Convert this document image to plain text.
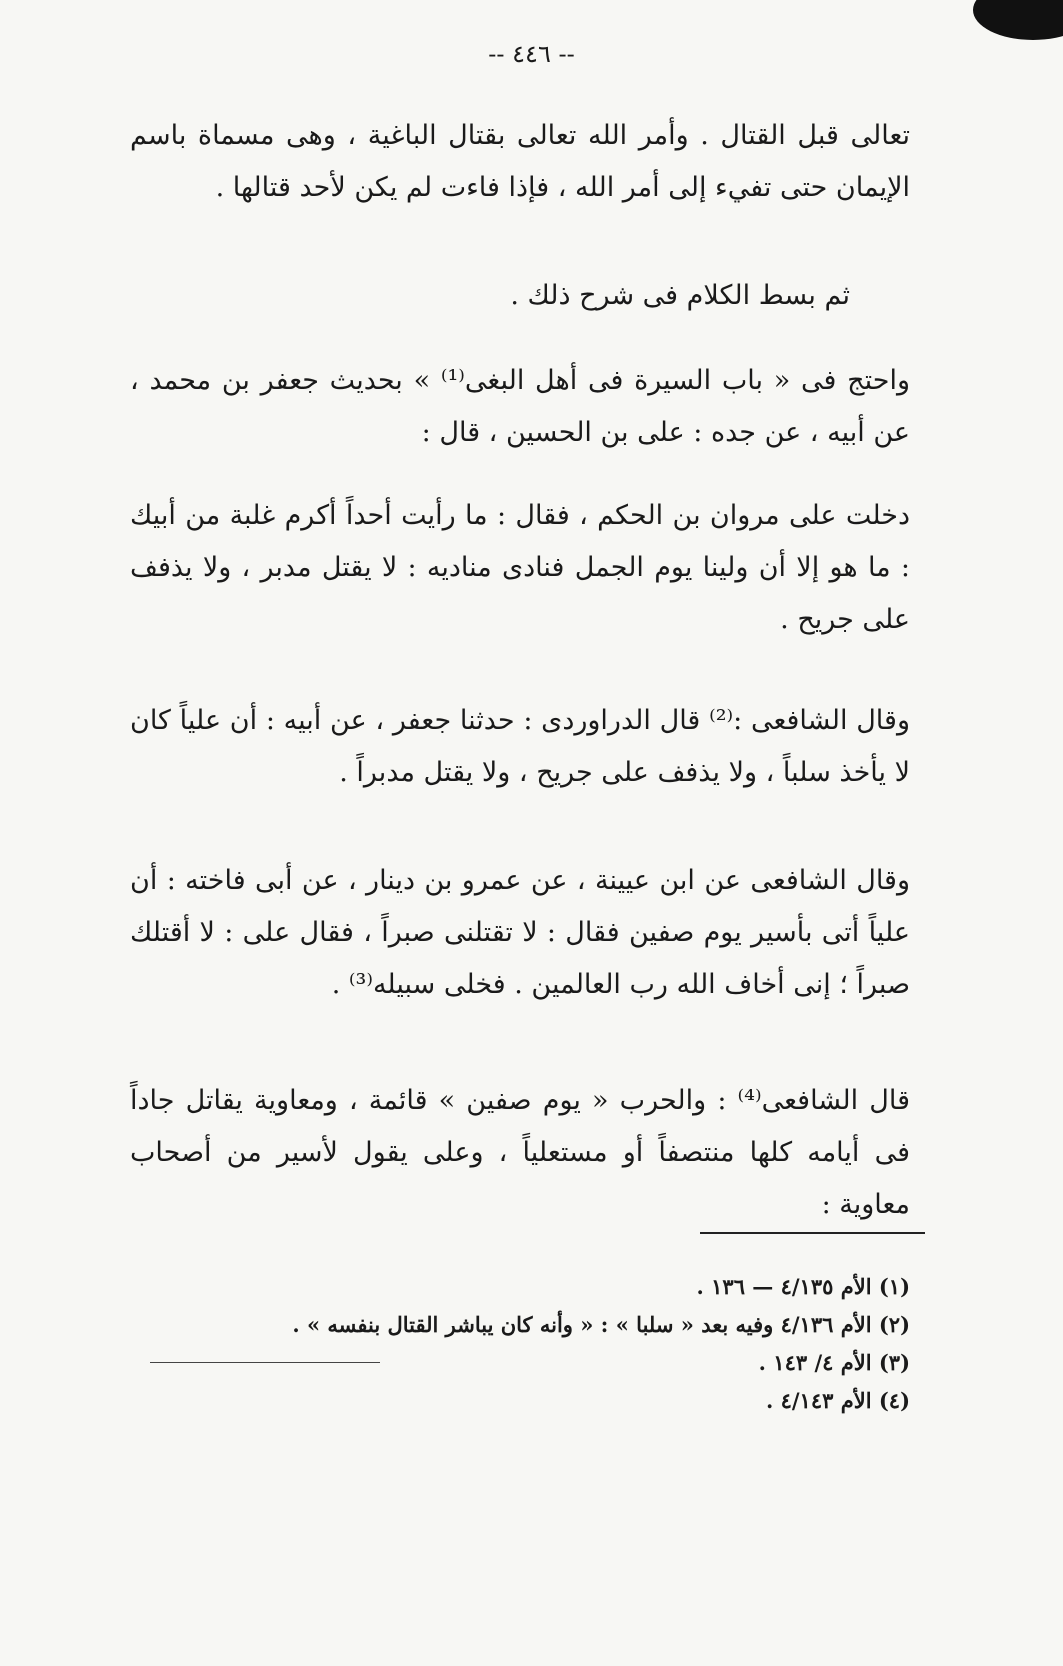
-- ٤٤٦ --
تعالى قبل القتال . وأمر الله تعالى بقتال الباغية ، وهى مسماة باسم الإيمان حتى تفيء إلى أمر الله ، فإذا فاءت لم يكن لأحد قتالها .
ثم بسط الكلام فى شرح ذلك .
واحتج فى « باب السيرة فى أهل البغى⁽¹⁾ » بحديث جعفر بن محمد ، عن أبيه ، عن جده : على بن الحسين ، قال :
دخلت على مروان بن الحكم ، فقال : ما رأيت أحداً أكرم غلبة من أبيك : ما هو إلا أن ولينا يوم الجمل فنادى مناديه : لا يقتل مدبر ، ولا يذفف على جريح .
وقال الشافعى :⁽²⁾ قال الدراوردى : حدثنا جعفر ، عن أبيه : أن علياً كان لا يأخذ سلباً ، ولا يذفف على جريح ، ولا يقتل مدبراً .
وقال الشافعى عن ابن عيينة ، عن عمرو بن دينار ، عن أبى فاخته : أن علياً أتى بأسير يوم صفين فقال : لا تقتلنى صبراً ، فقال على : لا أقتلك صبراً ؛ إنى أخاف الله رب العالمين . فخلى سبيله⁽³⁾ .
قال الشافعى⁽⁴⁾ : والحرب « يوم صفين » قائمة ، ومعاوية يقاتل جاداً فى أيامه كلها منتصفاً أو مستعلياً ، وعلى يقول لأسير من أصحاب معاوية :
(١) الأم ٤/١٣٥ — ١٣٦ .
(٢) الأم ٤/١٣٦ وفيه بعد « سلبا » : « وأنه كان يباشر القتال بنفسه » .
(٣) الأم ٤/ ١٤٣ .
(٤) الأم ٤/١٤٣ .
